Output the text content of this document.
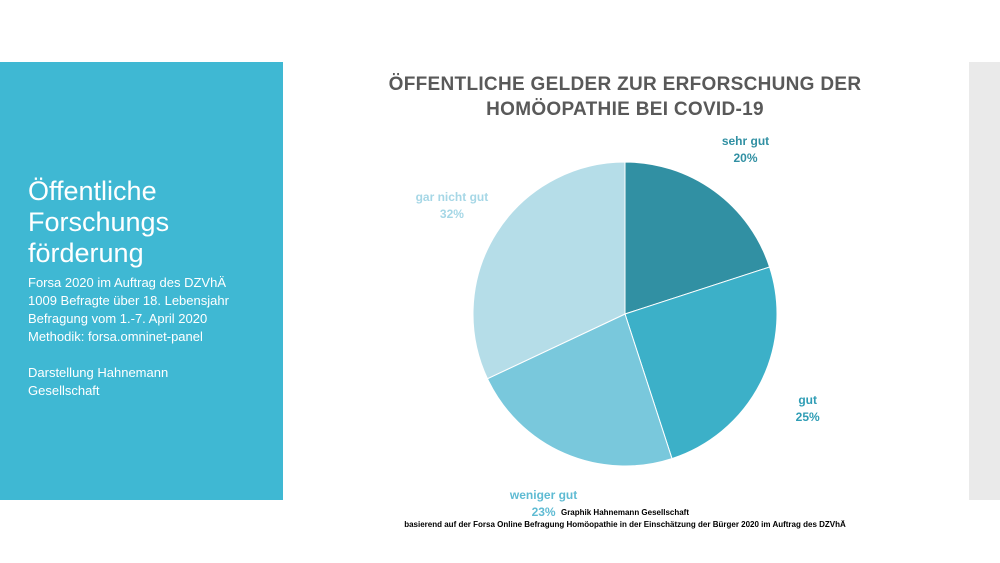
Öffentliche
Forschungs
förderung
Forsa 2020 im Auftrag des DZVhÄ
1009 Befragte über 18. Lebensjahr
Befragung vom 1.-7. April 2020
Methodik: forsa.omninet-panel
Darstellung Hahnemann
Gesellschaft
ÖFFENTLICHE GELDER ZUR ERFORSCHUNG DER HOMÖOPATHIE BEI COVID-19
sehr gut
20%
gut
25%
weniger gut
23%
gar nicht gut
32%
Graphik Hahnemann Gesellschaft
basierend auf der Forsa Online Befragung Homöopathie in der Einschätzung der Bürger 2020 im Auftrag des DZVhÄ
